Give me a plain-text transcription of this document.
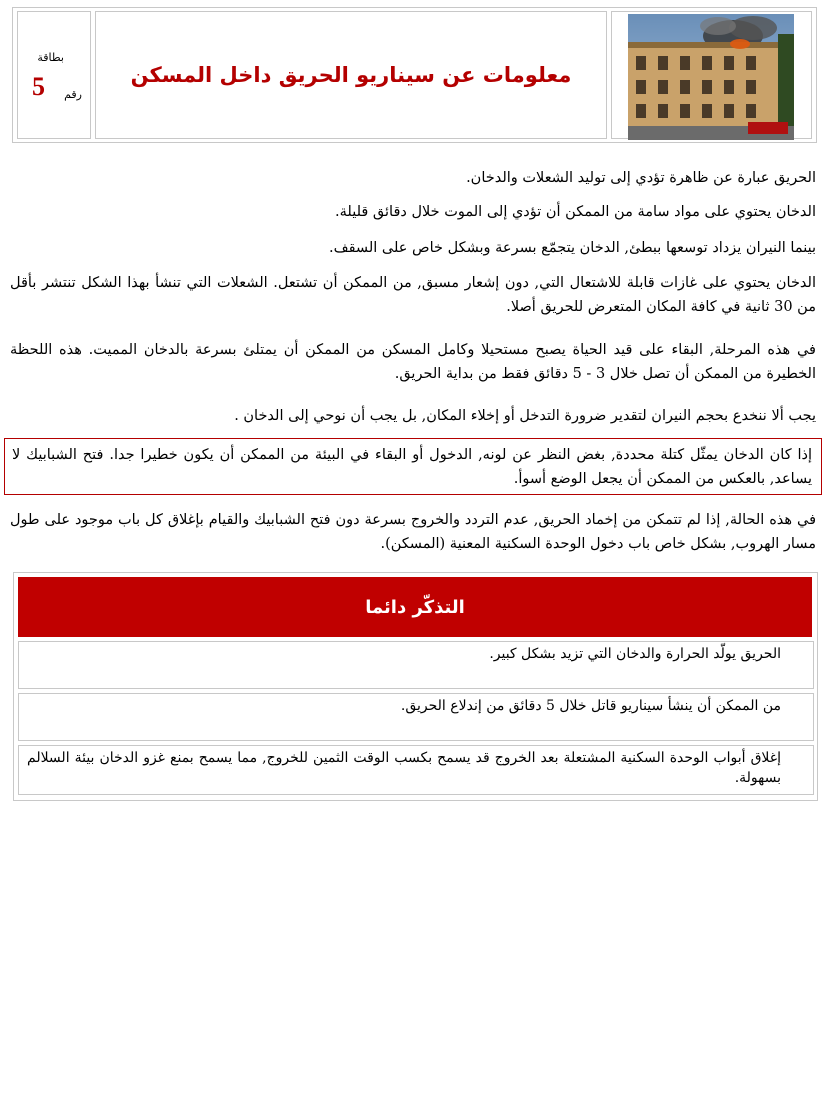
بطاقة
5 رقم
معلومات عن سيناريو الحريق داخل المسكن
الحريق عبارة عن ظاهرة تؤدي إلى توليد الشعلات والدخان.
الدخان يحتوي على مواد سامة من الممكن أن تؤدي إلى الموت خلال دقائق قليلة.
بينما النيران يزداد توسعها ببطئ, الدخان يتجمّع بسرعة وبشكل خاص على السقف.
الدخان يحتوي على غازات قابلة للاشتعال التي, دون إشعار مسبق, من الممكن أن تشتعل. الشعلات التي تنشأ بهذا الشكل تنتشر بأقل من 30 ثانية في كافة المكان المتعرض للحريق أصلا.
في هذه المرحلة, البقاء على قيد الحياة يصبح مستحيلا وكامل المسكن من الممكن أن يمتلئ بسرعة بالدخان المميت. هذه اللحظة الخطيرة من الممكن أن تصل خلال 3 - 5 دقائق فقط من بداية الحريق.
يجب ألا ننخدع بحجم النيران لتقدير ضرورة التدخل أو إخلاء المكان, بل يجب أن نوحي إلى الدخان .
إذا كان الدخان يمثّل كتلة محددة, بغض النظر عن لونه, الدخول أو البقاء في البيئة من الممكن أن يكون خطيرا جدا. فتح الشبابيك لا يساعد, بالعكس من الممكن أن يجعل الوضع أسوأ.
في هذه الحالة, إذا لم تتمكن من إخماد الحريق, عدم التردد والخروج بسرعة دون فتح الشبابيك والقيام بإغلاق كل باب موجود على طول مسار الهروب, بشكل خاص باب دخول الوحدة السكنية المعنية (المسكن).
التذكّر دائما
الحريق يولّد الحرارة والدخان التي تزيد بشكل كبير.
من الممكن أن ينشأ سيناريو قاتل خلال 5 دقائق من إندلاع الحريق.
إغلاق أبواب الوحدة السكنية المشتعلة بعد الخروج قد يسمح بكسب الوقت الثمين للخروج, مما يسمح بمنع غزو الدخان بيئة السلالم بسهولة.
